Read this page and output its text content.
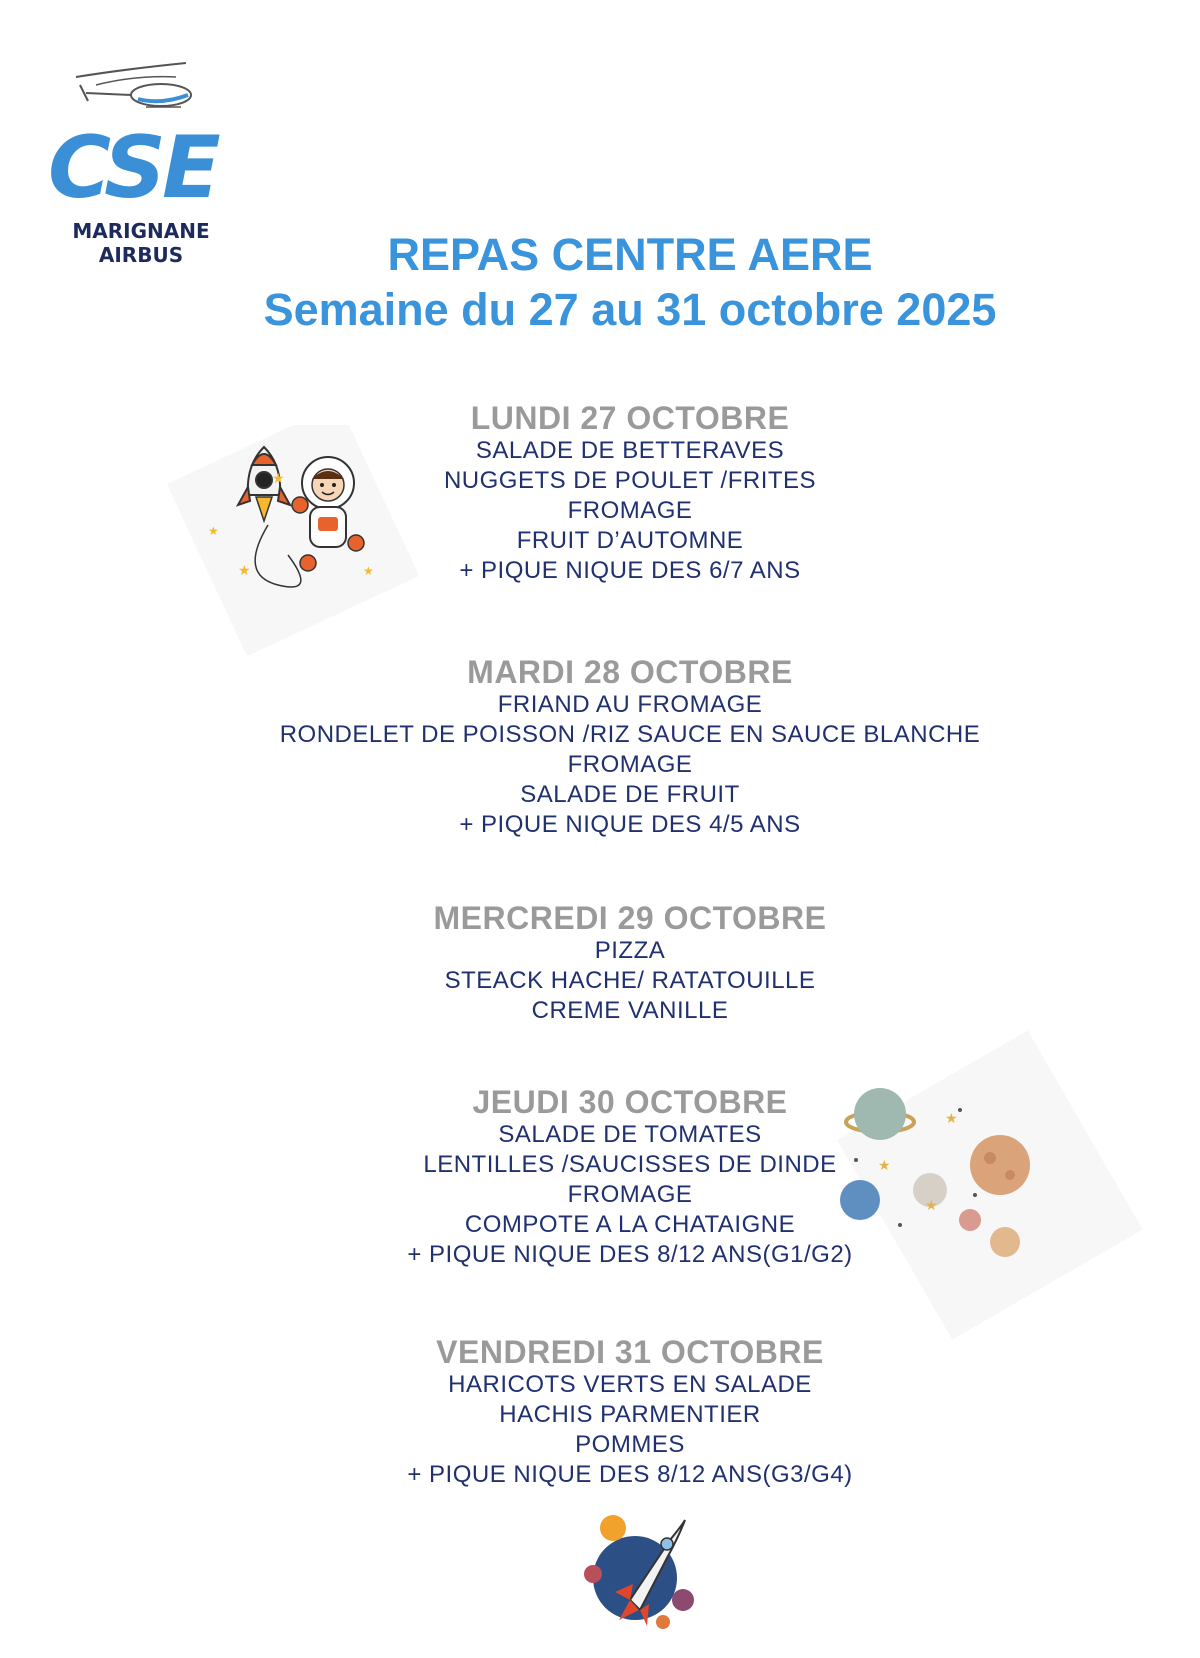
CSE
MARIGNANE
AIRBUS	REPAS CENTRE AERE
Semaine du 27 au 31 octobre 2025
LUNDI 27 OCTOBRE
SALADE DE BETTERAVES
NUGGETS DE POULET /FRITES
FROMAGE
FRUIT D’AUTOMNE
+ PIQUE NIQUE DES 6/7 ANS
MARDI 28 OCTOBRE
FRIAND AU FROMAGE
RONDELET DE POISSON /RIZ SAUCE EN SAUCE BLANCHE
FROMAGE
SALADE DE FRUIT
+ PIQUE NIQUE DES 4/5 ANS
MERCREDI 29 OCTOBRE
PIZZA
STEACK HACHE/ RATATOUILLE
CREME VANILLE
JEUDI 30 OCTOBRE
SALADE DE TOMATES
LENTILLES /SAUCISSES DE DINDE
FROMAGE
COMPOTE A LA CHATAIGNE
+ PIQUE NIQUE DES 8/12 ANS(G1/G2)
VENDREDI 31 OCTOBRE
HARICOTS VERTS EN SALADE
HACHIS PARMENTIER
POMMES
+ PIQUE NIQUE DES 8/12 ANS(G3/G4)
★
★	★
★
★
★
★
